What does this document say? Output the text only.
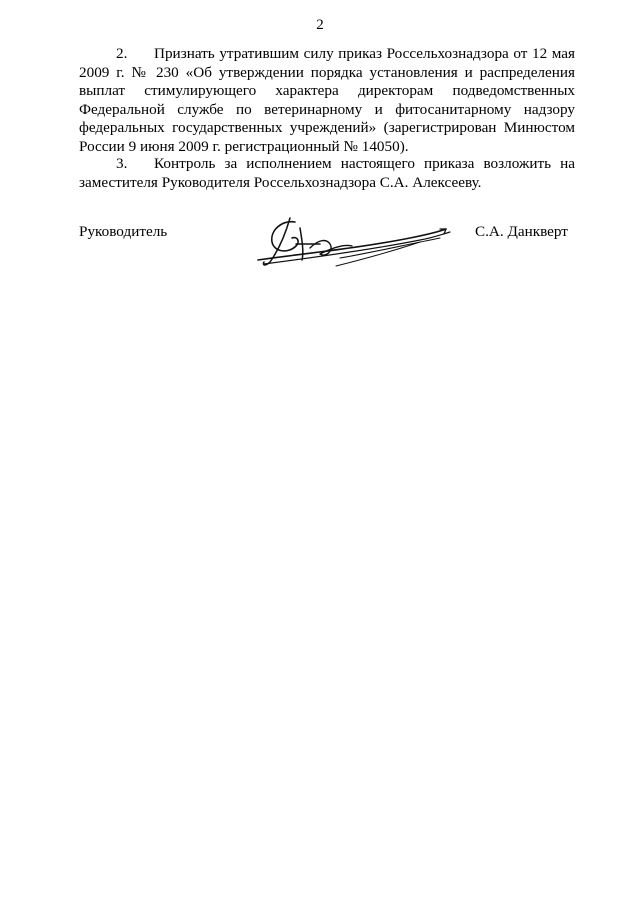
2
2. Признать утратившим силу приказ Россельхознадзора от 12 мая 2009 г. № 230 «Об утверждении порядка установления и распределения выплат стимулирующего характера директорам подведомственных Федеральной службе по ветеринарному и фитосанитарному надзору федеральных государственных учреждений» (зарегистрирован Минюстом России 9 июня 2009 г. регистрационный № 14050).
3. Контроль за исполнением настоящего приказа возложить на заместителя Руководителя Россельхознадзора С.А. Алексееву.
Руководитель	С.А. Данкверт
